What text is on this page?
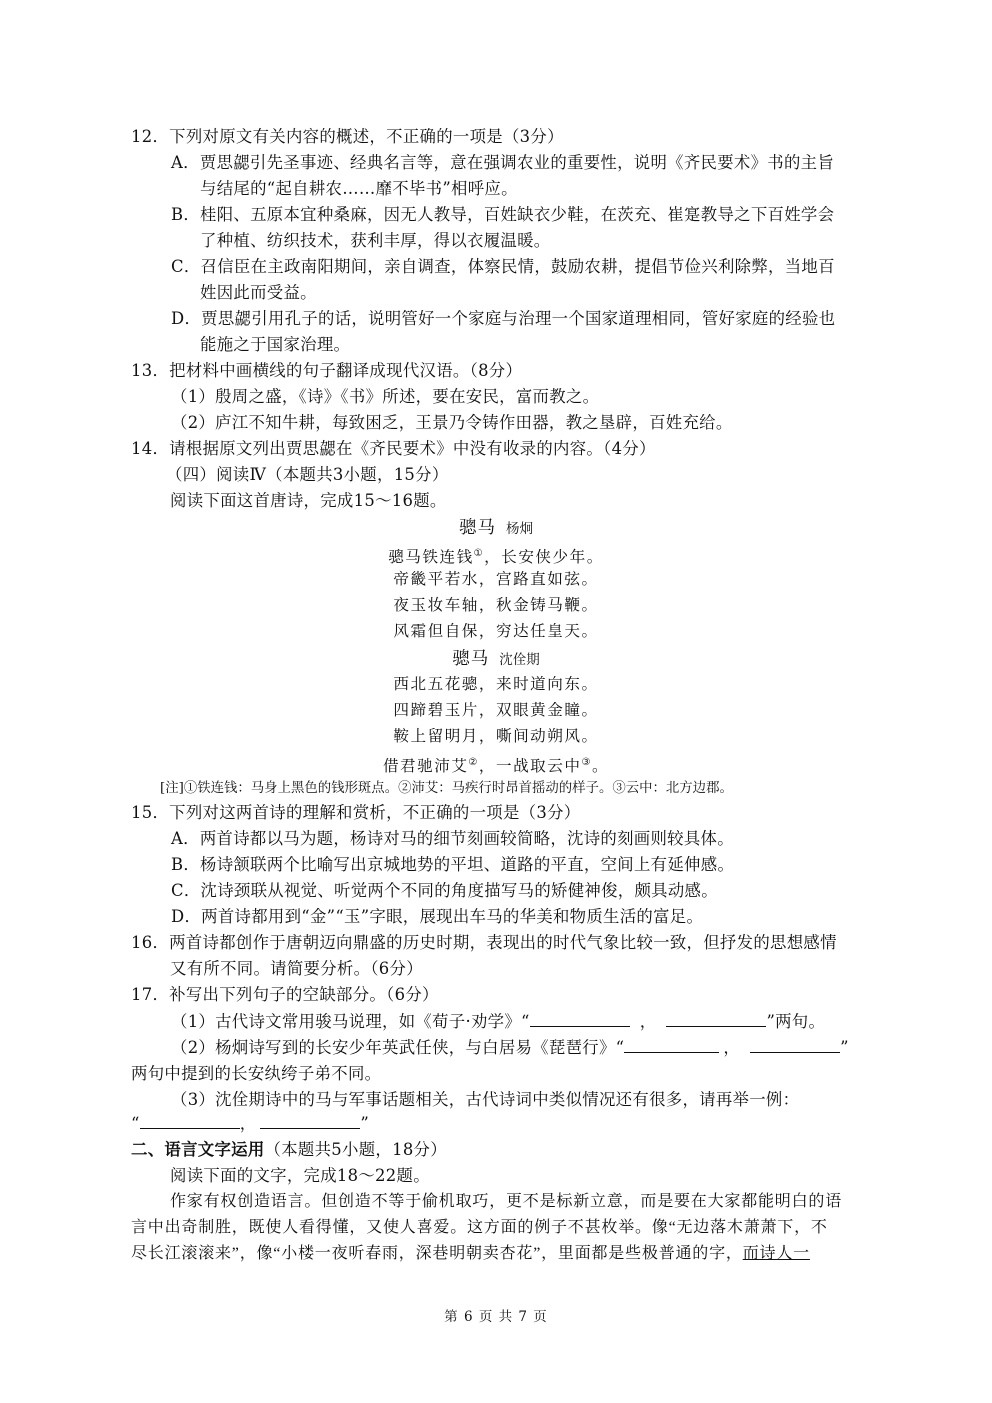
12．下列对原文有关内容的概述，不正确的一项是（3分）
A．贾思勰引先圣事迹、经典名言等，意在强调农业的重要性，说明《齐民要术》书的主旨
与结尾的“起自耕农……靡不毕书”相呼应。
B．桂阳、五原本宜种桑麻，因无人教导，百姓缺衣少鞋，在茨充、崔寔教导之下百姓学会
了种植、纺织技术，获利丰厚，得以衣履温暖。
C．召信臣在主政南阳期间，亲自调查，体察民情，鼓励农耕，提倡节俭兴利除弊，当地百
姓因此而受益。
D．贾思勰引用孔子的话，说明管好一个家庭与治理一个国家道理相同，管好家庭的经验也
能施之于国家治理。
13．把材料中画横线的句子翻译成现代汉语。（8分）
（1）殷周之盛，《诗》《书》所述，要在安民，富而教之。
（2）庐江不知牛耕，每致困乏，王景乃令铸作田器，教之垦辟，百姓充给。
14．请根据原文列出贾思勰在《齐民要术》中没有收录的内容。（4分）
（四）阅读Ⅳ（本题共3小题，15分）
阅读下面这首唐诗，完成15～16题。
骢马 杨炯
骢马铁连钱①，长安侠少年。
帝畿平若水，宫路直如弦。
夜玉妆车轴，秋金铸马鞭。
风霜但自保，穷达任皇天。
骢马 沈佺期
西北五花骢，来时道向东。
四蹄碧玉片，双眼黄金瞳。
鞍上留明月，嘶间动朔风。
借君驰沛艾②，一战取云中③。
[注]①铁连钱：马身上黑色的钱形斑点。②沛艾：马疾行时昂首摇动的样子。③云中：北方边郡。
15．下列对这两首诗的理解和赏析，不正确的一项是（3分）
A．两首诗都以马为题，杨诗对马的细节刻画较简略，沈诗的刻画则较具体。
B．杨诗颔联两个比喻写出京城地势的平坦、道路的平直，空间上有延伸感。
C．沈诗颈联从视觉、听觉两个不同的角度描写马的矫健神俊，颇具动感。
D．两首诗都用到“金”“玉”字眼，展现出车马的华美和物质生活的富足。
16．两首诗都创作于唐朝迈向鼎盛的历史时期，表现出的时代气象比较一致，但抒发的思想感情
又有所不同。请简要分析。（6分）
17．补写出下列句子的空缺部分。（6分）
（1）古代诗文常用骏马说理，如《荀子·劝学》“	，	”两句。
（2）杨炯诗写到的长安少年英武任侠，与白居易《琵琶行》“	，	”
两句中提到的长安纨绔子弟不同。
（3）沈佺期诗中的马与军事话题相关，古代诗词中类似情况还有很多，请再举一例：
“	，	”
二、语言文字运用（本题共5小题，18分）
阅读下面的文字，完成18～22题。
作家有权创造语言。但创造不等于偷机取巧，更不是标新立意，而是要在大家都能明白的语
言中出奇制胜，既使人看得懂，又使人喜爱。这方面的例子不甚枚举。像“无边落木萧萧下，不
尽长江滚滚来”，像“小楼一夜听春雨，深巷明朝卖杏花”，里面都是些极普通的字，而诗人一
第 6 页 共 7 页
